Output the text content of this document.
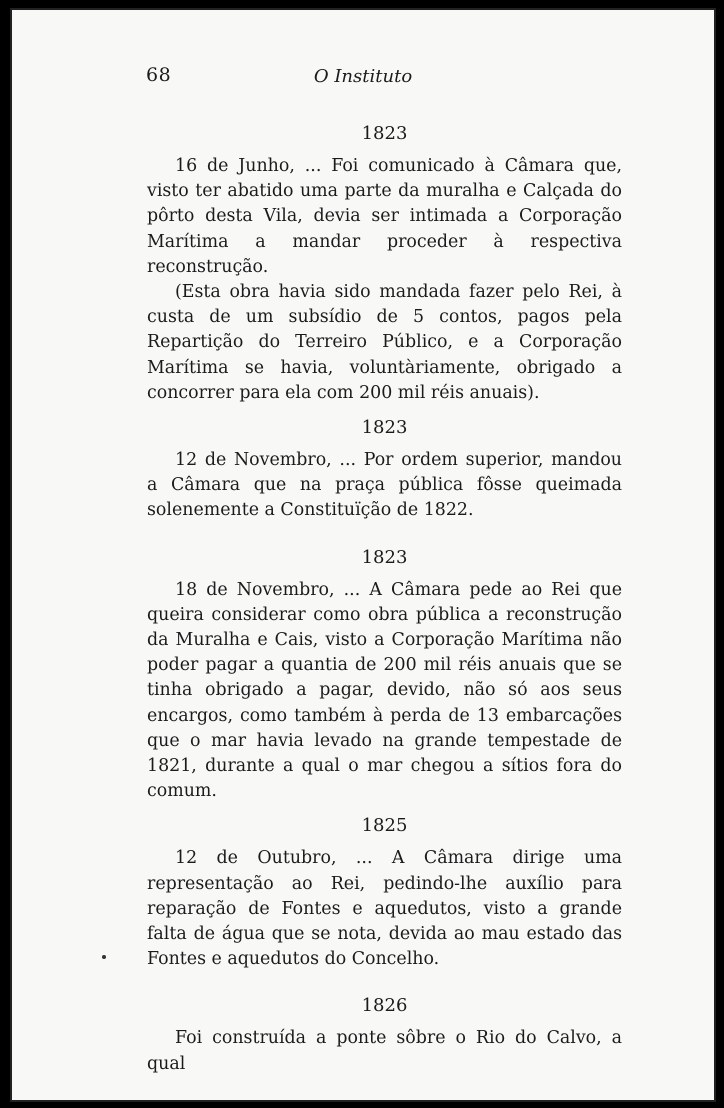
68	O Instituto

1823

16 de Junho, ... Foi comunicado à Câmara que, visto ter abatido uma parte da muralha e Calçada do pôrto desta Vila, devia ser intimada a Corporação Marítima a mandar proceder à respectiva reconstrução.

(Esta obra havia sido mandada fazer pelo Rei, à custa de um subsídio de 5 contos, pagos pela Repartição do Terreiro Público, e a Corporação Marítima se havia, voluntàriamente, obrigado a concorrer para ela com 200 mil réis anuais).

1823

12 de Novembro, ... Por ordem superior, mandou a Câmara que na praça pública fôsse queimada solenemente a Constituïção de 1822.

1823

18 de Novembro, ... A Câmara pede ao Rei que queira considerar como obra pública a reconstrução da Muralha e Cais, visto a Corporação Marítima não poder pagar a quantia de 200 mil réis anuais que se tinha obrigado a pagar, devido, não só aos seus encargos, como também à perda de 13 embarcações que o mar havia levado na grande tempestade de 1821, durante a qual o mar chegou a sítios fora do comum.

1825

12 de Outubro, ... A Câmara dirige uma representação ao Rei, pedindo-lhe auxílio para reparação de Fontes e aquedutos, visto a grande falta de água que se nota, devida ao mau estado das Fontes e aquedutos do Concelho.

1826

Foi construída a ponte sôbre o Rio do Calvo, a qual
